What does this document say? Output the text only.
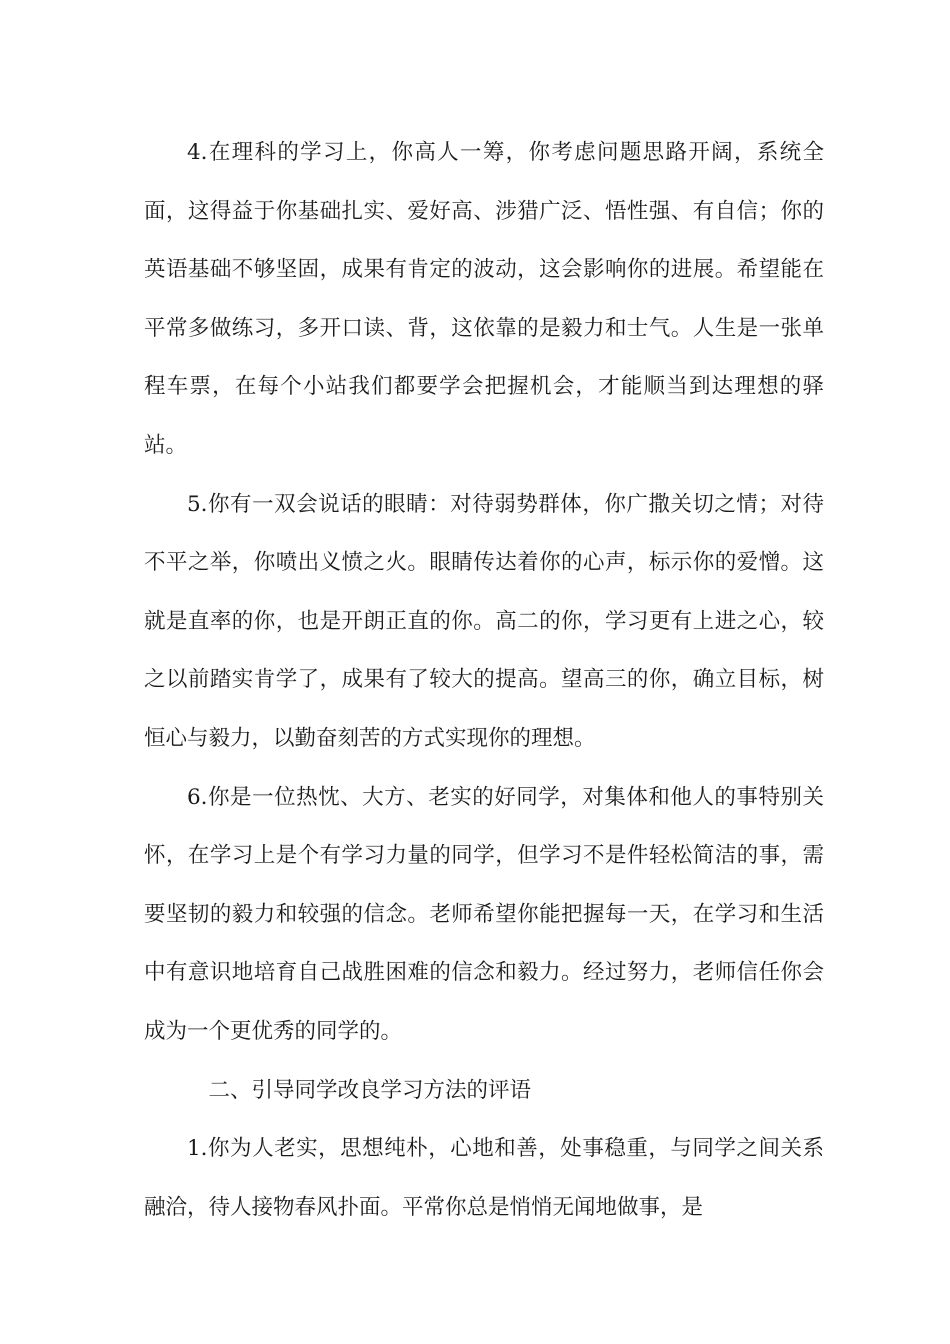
4.在理科的学习上，你高人一筹，你考虑问题思路开阔，系统全面，这得益于你基础扎实、爱好高、涉猎广泛、悟性强、有自信；你的英语基础不够坚固，成果有肯定的波动，这会影响你的进展。希望能在平常多做练习，多开口读、背，这依靠的是毅力和士气。人生是一张单程车票，在每个小站我们都要学会把握机会，才能顺当到达理想的驿站。

5.你有一双会说话的眼睛：对待弱势群体，你广撒关切之情；对待不平之举，你喷出义愤之火。眼睛传达着你的心声，标示你的爱憎。这就是直率的你，也是开朗正直的你。高二的你，学习更有上进之心，较之以前踏实肯学了，成果有了较大的提高。望高三的你，确立目标，树恒心与毅力，以勤奋刻苦的方式实现你的理想。

6.你是一位热忱、大方、老实的好同学，对集体和他人的事特别关怀，在学习上是个有学习力量的同学，但学习不是件轻松简洁的事，需要坚韧的毅力和较强的信念。老师希望你能把握每一天，在学习和生活中有意识地培育自己战胜困难的信念和毅力。经过努力，老师信任你会成为一个更优秀的同学的。

二、引导同学改良学习方法的评语

1.你为人老实，思想纯朴，心地和善，处事稳重，与同学之间关系融洽，待人接物春风扑面。平常你总是悄悄无闻地做事，是
